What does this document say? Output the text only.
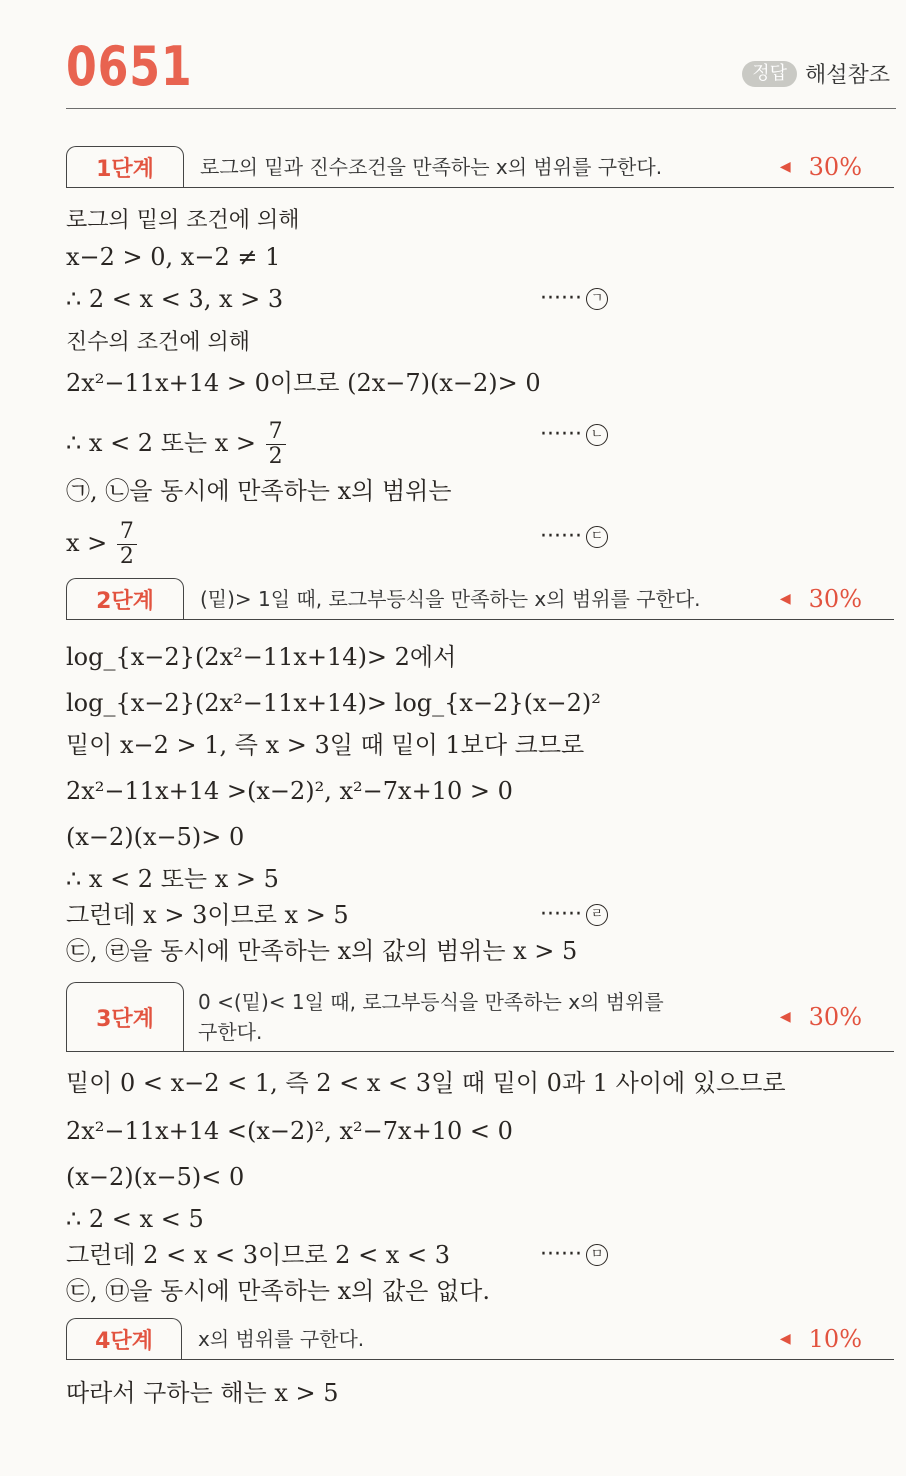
0651	정답 해설참조
1단계	로그의 밑과 진수조건을 만족하는 x의 범위를 구한다.	◀ 30%
로그의 밑의 조건에 의해
x−2 > 0, x−2 ≠ 1
∴ 2 < x < 3, x > 3	······ ㄱ
진수의 조건에 의해
2x²−11x+14 > 0이므로 (2x−7)(x−2)> 0
∴ x < 2 또는 $x > \frac{7}{2}$	······ ㄴ
㉠, ㉡을 동시에 만족하는 x의 범위는
$x > \frac{7}{2}$	······ ㄷ
2단계	(밑)> 1일 때, 로그부등식을 만족하는 x의 범위를 구한다.	◀ 30%
log_{x−2}(2x²−11x+14)> 2에서
log_{x−2}(2x²−11x+14)> log_{x−2}(x−2)²
밑이 x−2 > 1, 즉 x > 3일 때 밑이 1보다 크므로
2x²−11x+14 >(x−2)², x²−7x+10 > 0
(x−2)(x−5)> 0
∴ x < 2 또는 x > 5
그런데 x > 3이므로 x > 5	······ ㄹ
㉢, ㉣을 동시에 만족하는 x의 값의 범위는 x > 5
3단계
0 <(밑)< 1일 때, 로그부등식을 만족하는 x의 범위를
구한다.
◀ 30%
밑이 0 < x−2 < 1, 즉 2 < x < 3일 때 밑이 0과 1 사이에 있으므로
2x²−11x+14 <(x−2)², x²−7x+10 < 0
(x−2)(x−5)< 0
∴ 2 < x < 5
그런데 2 < x < 3이므로 2 < x < 3	······ ㅁ
㉢, ㉤을 동시에 만족하는 x의 값은 없다.
4단계	x의 범위를 구한다.	◀ 10%
따라서 구하는 해는 x > 5
